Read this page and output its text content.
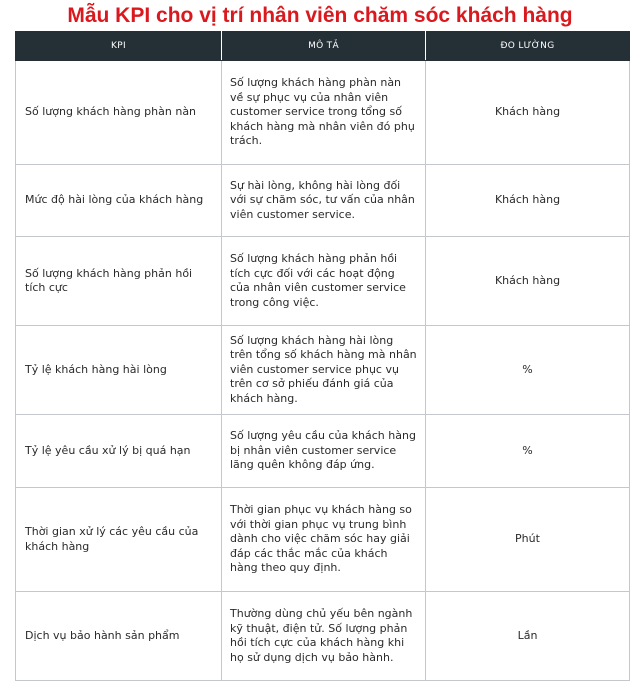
Mẫu KPI cho vị trí nhân viên chăm sóc khách hàng
KPI	MÔ TẢ	ĐO LƯỜNG
Số lượng khách hàng phàn nàn	Số lượng khách hàng phàn nàn về sự phục vụ của nhân viên customer service trong tổng số khách hàng mà nhân viên đó phụ trách.	Khách hàng
Mức độ hài lòng của khách hàng	Sự hài lòng, không hài lòng đối với sự chăm sóc, tư vấn của nhân viên customer service.	Khách hàng
Số lượng khách hàng phản hồi tích cực	Số lượng khách hàng phản hồi tích cực đối với các hoạt động của nhân viên customer service trong công việc.	Khách hàng
Tỷ lệ khách hàng hài lòng	Số lượng khách hàng hài lòng trên tổng số khách hàng mà nhân viên customer service phục vụ trên cơ sở phiếu đánh giá của khách hàng.	%
Tỷ lệ yêu cầu xử lý bị quá hạn	Số lượng yêu cầu của khách hàng bị nhân viên customer service lãng quên không đáp ứng.	%
Thời gian xử lý các yêu cầu của khách hàng	Thời gian phục vụ khách hàng so với thời gian phục vụ trung bình dành cho việc chăm sóc hay giải đáp các thắc mắc của khách hàng theo quy định.	Phút
Dịch vụ bảo hành sản phẩm	Thường dùng chủ yếu bên ngành kỹ thuật, điện tử. Số lượng phản hồi tích cực của khách hàng khi họ sử dụng dịch vụ bảo hành.	Lần
